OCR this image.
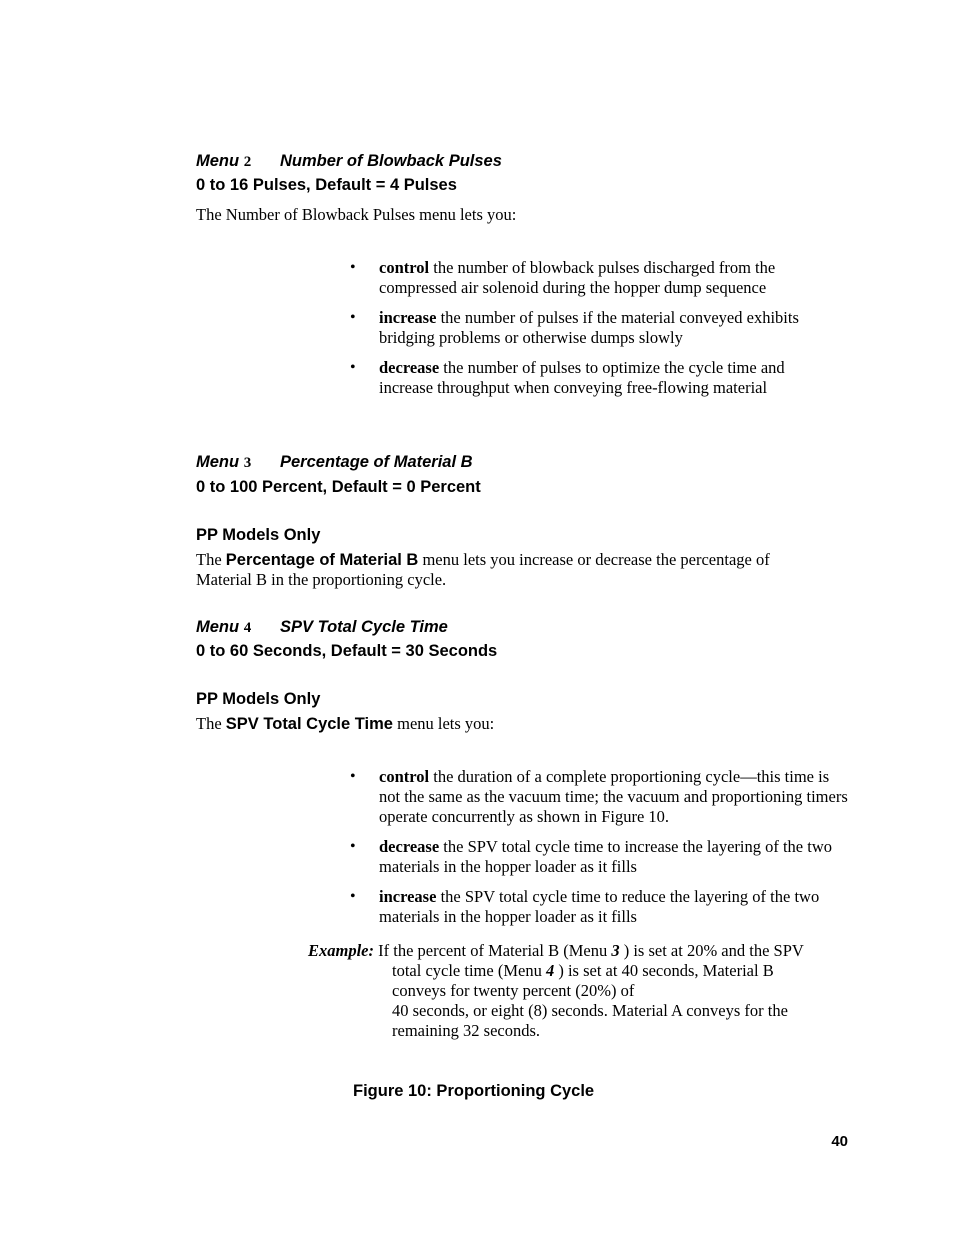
Menu 2 Number of Blowback Pulses
0 to 16 Pulses, Default = 4 Pulses
The Number of Blowback Pulses menu lets you:
• control the number of blowback pulses discharged from the compressed air solenoid during the hopper dump sequence
• increase the number of pulses if the material conveyed exhibits bridging problems or otherwise dumps slowly
• decrease the number of pulses to optimize the cycle time and increase throughput when conveying free-flowing material
Menu 3 Percentage of Material B
0 to 100 Percent, Default = 0 Percent
PP Models Only
The Percentage of Material B menu lets you increase or decrease the percentage of Material B in the proportioning cycle.
Menu 4 SPV Total Cycle Time
0 to 60 Seconds, Default = 30 Seconds
PP Models Only
The SPV Total Cycle Time menu lets you:
• control the duration of a complete proportioning cycle—this time is not the same as the vacuum time; the vacuum and proportioning timers operate concurrently as shown in Figure 10.
• decrease the SPV total cycle time to increase the layering of the two materials in the hopper loader as it fills
• increase the SPV total cycle time to reduce the layering of the two materials in the hopper loader as it fills
Example: If the percent of Material B (Menu 3 ) is set at 20% and the SPV
total cycle time (Menu 4 ) is set at 40 seconds, Material B
conveys for twenty percent (20%) of
40 seconds, or eight (8) seconds. Material A conveys for the
remaining 32 seconds.
Figure 10: Proportioning Cycle
40
